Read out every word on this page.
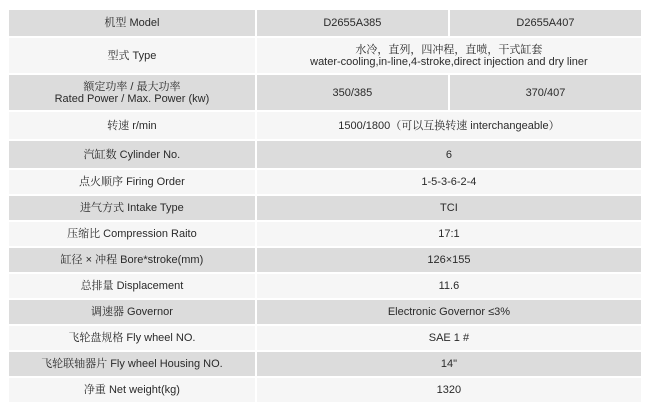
机型 Model	D2655A385	D2655A407
型式 Type	水冷，直列，四冲程，直喷，干式缸套
water-cooling,in-line,4-stroke,direct injection and dry liner	

额定功率 / 最大功率
Rated Power / Max. Power (kw)	350/385	370/407
转速 r/min	1500/1800（可以互换转速 interchangeable）	
汽缸数 Cylinder No.	6	
点火顺序 Firing Order	1-5-3-6-2-4	
进气方式 Intake Type	TCI	
压缩比 Compression Raito	17:1	
缸径 × 冲程 Bore*stroke(mm)	126×155	
总排量 Displacement	11.6	
调速器 Governor	Electronic Governor ≤3%	
飞轮盘规格 Fly wheel NO.	SAE 1 #	
飞轮联轴器片 Fly wheel Housing NO.	14"	
净重 Net weight(kg)	1320	
